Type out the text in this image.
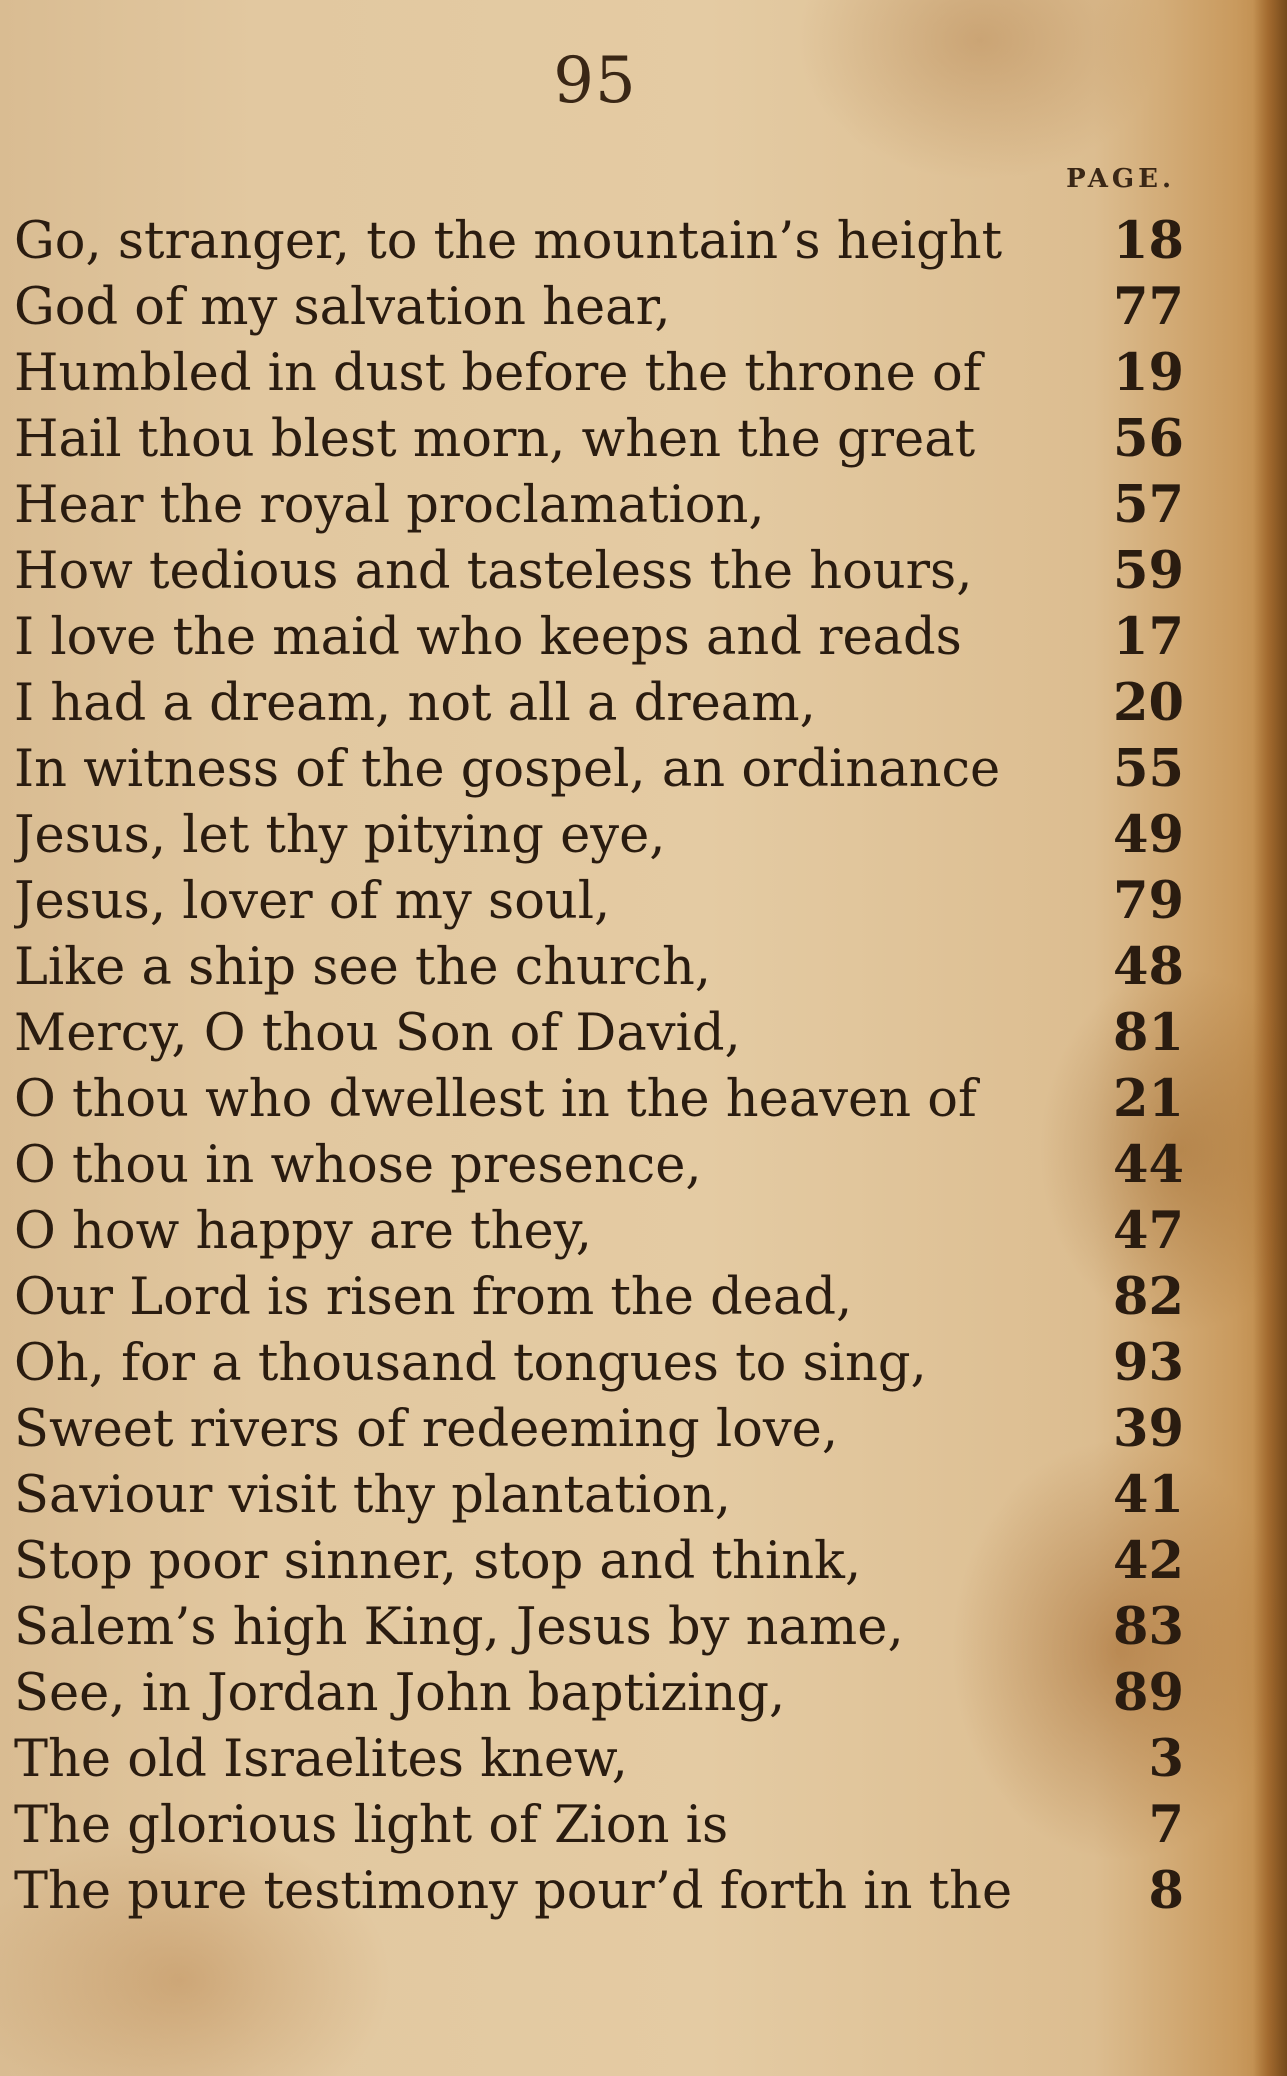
95
PAGE.
Go, stranger, to the mountain’s height	18
God of my salvation hear,	77
Humbled in dust before the throne of	19
Hail thou blest morn, when the great	56
Hear the royal proclamation,	57
How tedious and tasteless the hours,	59
I love the maid who keeps and reads	17
I had a dream, not all a dream,	20
In witness of the gospel, an ordinance	55
Jesus, let thy pitying eye,	49
Jesus, lover of my soul,	79
Like a ship see the church,	48
Mercy, O thou Son of David,	81
O thou who dwellest in the heaven of	21
O thou in whose presence,	44
O how happy are they,	47
Our Lord is risen from the dead,	82
Oh, for a thousand tongues to sing,	93
Sweet rivers of redeeming love,	39
Saviour visit thy plantation,	41
Stop poor sinner, stop and think,	42
Salem’s high King, Jesus by name,	83
See, in Jordan John baptizing,	89
The old Israelites knew,	3
The glorious light of Zion is	7
The pure testimony pour’d forth in the	8
